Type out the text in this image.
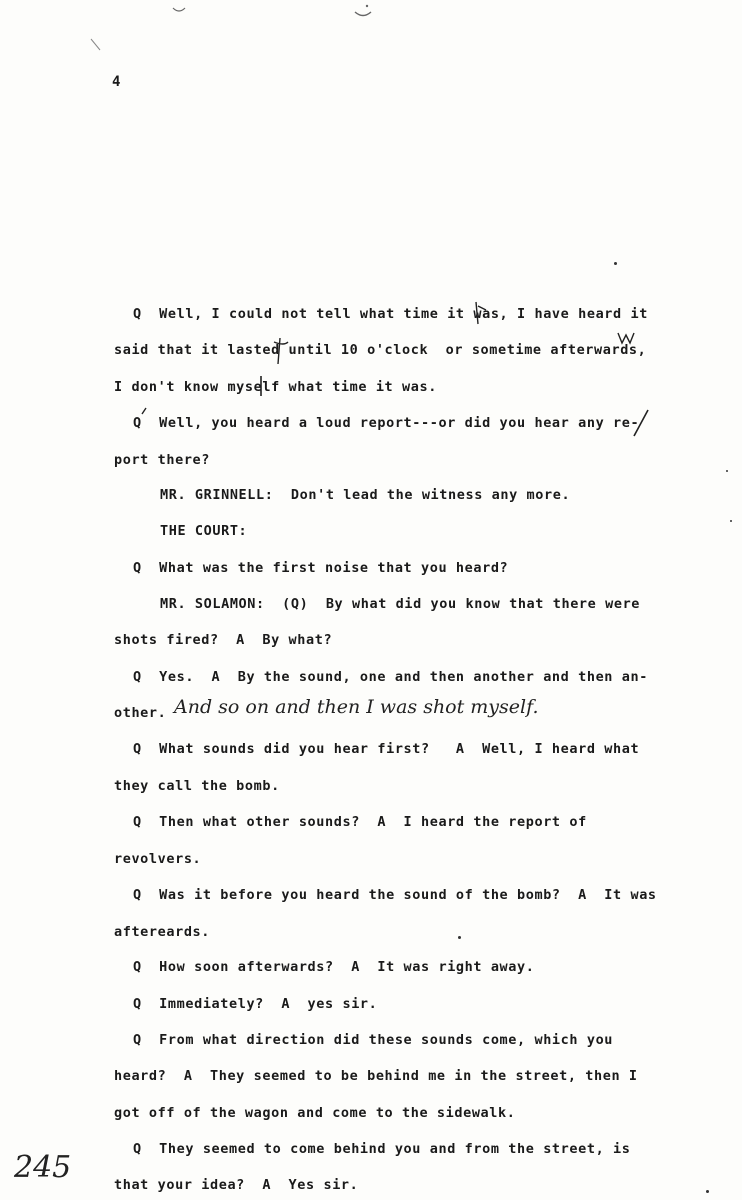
4
Q  Well, I could not tell what time it was, I have heard it
said that it lasted until 10 o'clock  or sometime afterwards,
I don't know myself what time it was.
Q  Well, you heard a loud report---or did you hear any re-
port there?
MR. GRINNELL:  Don't lead the witness any more.
THE COURT:
Q  What was the first noise that you heard?
MR. SOLAMON:  (Q)  By what did you know that there were
shots fired?  A  By what?
Q  Yes.  A  By the sound, one and then another and then an-
other. And so on and then I was shot myself.
Q  What sounds did you hear first?   A  Well, I heard what
they call the bomb.
Q  Then what other sounds?  A  I heard the report of
revolvers.
Q  Was it before you heard the sound of the bomb?  A  It was
aftereards.
Q  How soon afterwards?  A  It was right away.
Q  Immediately?  A  yes sir.
Q  From what direction did these sounds come, which you
heard?  A  They seemed to be behind me in the street, then I
got off of the wagon and come to the sidewalk.
Q  They seemed to come behind you and from the street, is
that your idea?  A  Yes sir.
245
